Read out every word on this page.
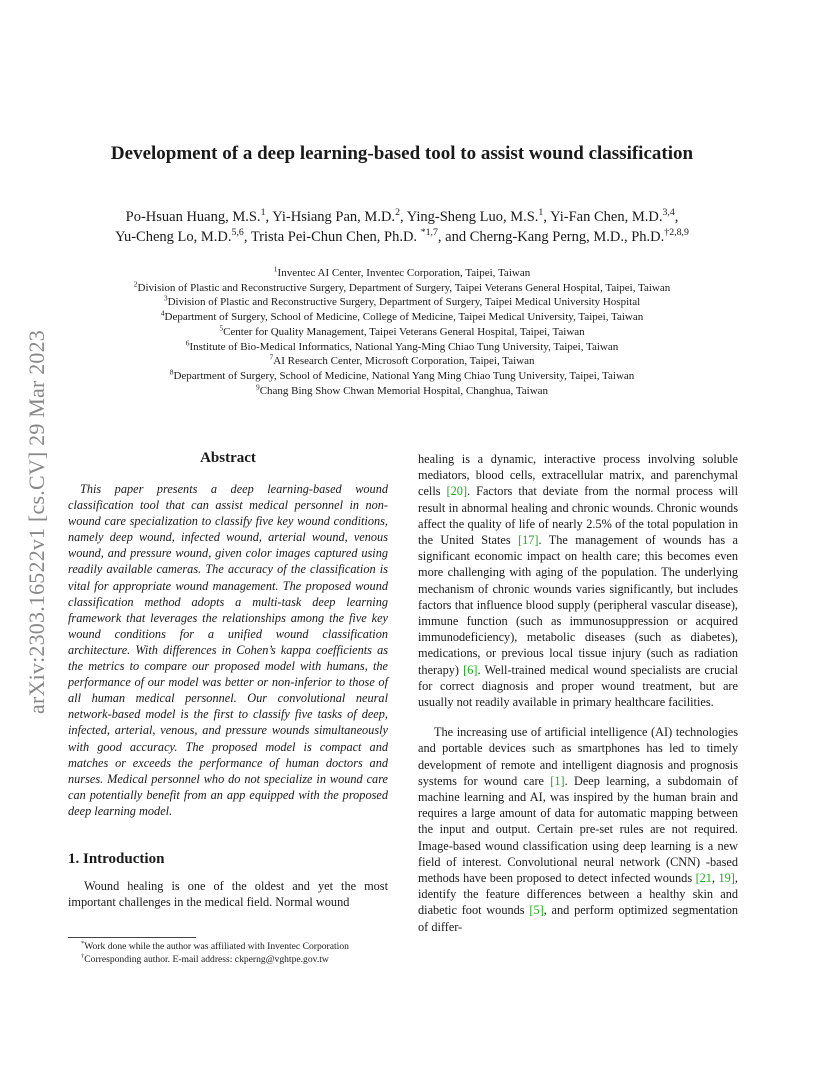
arXiv:2303.16522v1 [cs.CV] 29 Mar 2023
Development of a deep learning-based tool to assist wound classification
Po-Hsuan Huang, M.S.$^1$, Yi-Hsiang Pan, M.D.$^2$, Ying-Sheng Luo, M.S.$^1$, Yi-Fan Chen, M.D.$^{3,4}$,
Yu-Cheng Lo, M.D.$^{5,6}$, Trista Pei-Chun Chen, Ph.D. $^{*1,7}$, and Cherng-Kang Perng, M.D., Ph.D.$^{\dagger 2,8,9}$
$^1$Inventec AI Center, Inventec Corporation, Taipei, Taiwan
$^2$Division of Plastic and Reconstructive Surgery, Department of Surgery, Taipei Veterans General Hospital, Taipei, Taiwan
$^3$Division of Plastic and Reconstructive Surgery, Department of Surgery, Taipei Medical University Hospital
$^4$Department of Surgery, School of Medicine, College of Medicine, Taipei Medical University, Taipei, Taiwan
$^5$Center for Quality Management, Taipei Veterans General Hospital, Taipei, Taiwan
$^6$Institute of Bio-Medical Informatics, National Yang-Ming Chiao Tung University, Taipei, Taiwan
$^7$AI Research Center, Microsoft Corporation, Taipei, Taiwan
$^8$Department of Surgery, School of Medicine, National Yang Ming Chiao Tung University, Taipei, Taiwan
$^9$Chang Bing Show Chwan Memorial Hospital, Changhua, Taiwan
Abstract

This paper presents a deep learning-based wound classification tool that can assist medical personnel in non-wound care specialization to classify five key wound conditions, namely deep wound, infected wound, arterial wound, venous wound, and pressure wound, given color images captured using readily available cameras. The accuracy of the classification is vital for appropriate wound management. The proposed wound classification method adopts a multi-task deep learning framework that leverages the relationships among the five key wound conditions for a unified wound classification architecture. With differences in Cohen’s kappa coefficients as the metrics to compare our proposed model with humans, the performance of our model was better or non-inferior to those of all human medical personnel. Our convolutional neural network-based model is the first to classify five tasks of deep, infected, arterial, venous, and pressure wounds simultaneously with good accuracy. The proposed model is compact and matches or exceeds the performance of human doctors and nurses. Medical personnel who do not specialize in wound care can potentially benefit from an app equipped with the proposed deep learning model.

1. Introduction

Wound healing is one of the oldest and yet the most important challenges in the medical field. Normal wound

healing is a dynamic, interactive process involving soluble mediators, blood cells, extracellular matrix, and parenchymal cells [20]. Factors that deviate from the normal process will result in abnormal healing and chronic wounds. Chronic wounds affect the quality of life of nearly 2.5% of the total population in the United States [17]. The management of wounds has a significant economic impact on health care; this becomes even more challenging with aging of the population. The underlying mechanism of chronic wounds varies significantly, but includes factors that influence blood supply (peripheral vascular disease), immune function (such as immunosuppression or acquired immunodeficiency), metabolic diseases (such as diabetes), medications, or previous local tissue injury (such as radiation therapy) [6]. Well-trained medical wound specialists are crucial for correct diagnosis and proper wound treatment, but are usually not readily available in primary healthcare facilities.

The increasing use of artificial intelligence (AI) technologies and portable devices such as smartphones has led to timely development of remote and intelligent diagnosis and prognosis systems for wound care [1]. Deep learning, a subdomain of machine learning and AI, was inspired by the human brain and requires a large amount of data for automatic mapping between the input and output. Certain pre-set rules are not required. Image-based wound classification using deep learning is a new field of interest. Convolutional neural network (CNN) -based methods have been proposed to detect infected wounds [21, 19], identify the feature differences between a healthy skin and diabetic foot wounds [5], and perform optimized segmentation of differ-

*Work done while the author was affiliated with Inventec Corporation
†Corresponding author. E-mail address: ckperng@vghtpe.gov.tw
